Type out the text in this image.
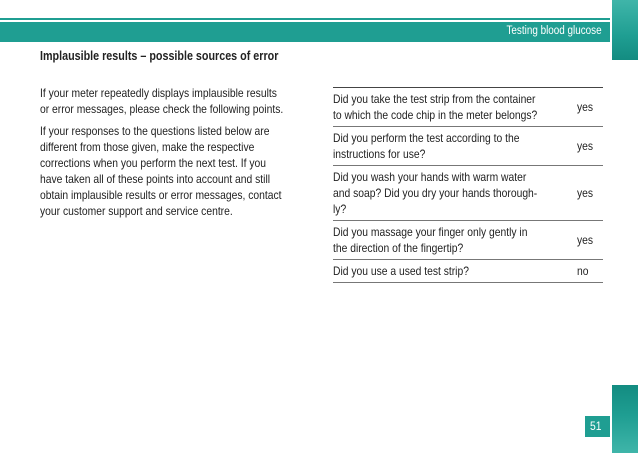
Testing blood glucose
Implausible results – possible sources of error

If your meter repeatedly displays implausible results
or error messages, please check the following points.

If your responses to the questions listed below are
different from those given, make the respective
corrections when you perform the next test. If you
have taken all of these points into account and still
obtain implausible results or error messages, contact
your customer support and service centre.

Did you take the test strip from the container
to which the code chip in the meter belongs?
yes
Did you perform the test according to the
instructions for use?
yes
Did you wash your hands with warm water
and soap? Did you dry your hands thorough-
ly?
yes
Did you massage your finger only gently in
the direction of the fingertip?
yes
Did you use a used test strip?	no
51
